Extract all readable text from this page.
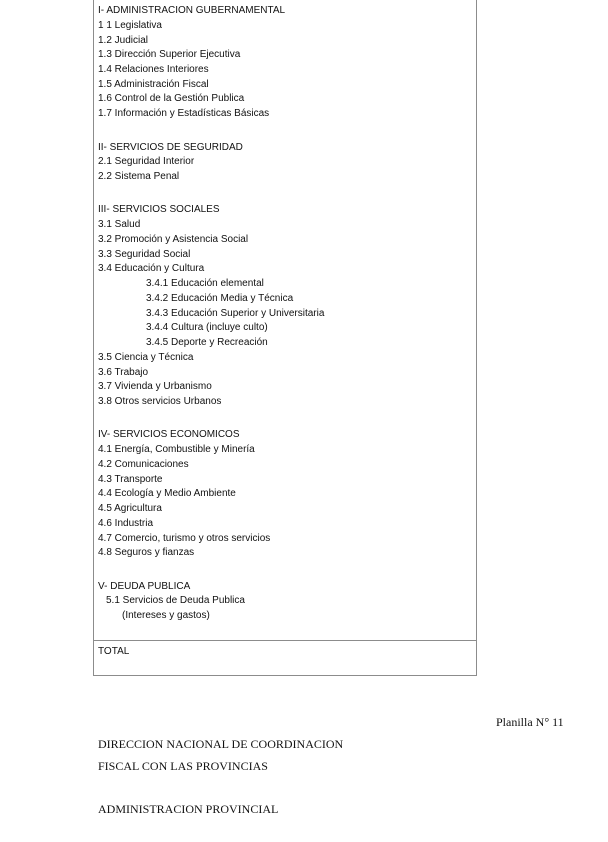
I- ADMINISTRACION GUBERNAMENTAL
1 1 Legislativa
1.2 Judicial
1.3 Dirección Superior Ejecutiva
1.4 Relaciones Interiores
1.5 Administración Fiscal
1.6 Control de la Gestión Publica
1.7 Información y Estadísticas Básicas
II- SERVICIOS DE SEGURIDAD
2.1 Seguridad Interior
2.2 Sistema Penal
III- SERVICIOS SOCIALES
3.1 Salud
3.2 Promoción y Asistencia Social
3.3 Seguridad Social
3.4 Educación y Cultura
3.4.1 Educación elemental
3.4.2 Educación Media y Técnica
3.4.3 Educación Superior y Universitaria
3.4.4 Cultura (incluye culto)
3.4.5 Deporte y Recreación
3.5 Ciencia y Técnica
3.6 Trabajo
3.7 Vivienda y Urbanismo
3.8 Otros servicios Urbanos
IV- SERVICIOS ECONOMICOS
4.1 Energía, Combustible y Minería
4.2 Comunicaciones
4.3 Transporte
4.4 Ecología y Medio Ambiente
4.5 Agricultura
4.6 Industria
4.7 Comercio, turismo y otros servicios
4.8 Seguros y fianzas
V- DEUDA PUBLICA
5.1 Servicios de Deuda Publica
(Intereses y gastos)
TOTAL
Planilla N° 11
DIRECCION NACIONAL DE COORDINACION
FISCAL CON LAS PROVINCIAS
ADMINISTRACION PROVINCIAL
